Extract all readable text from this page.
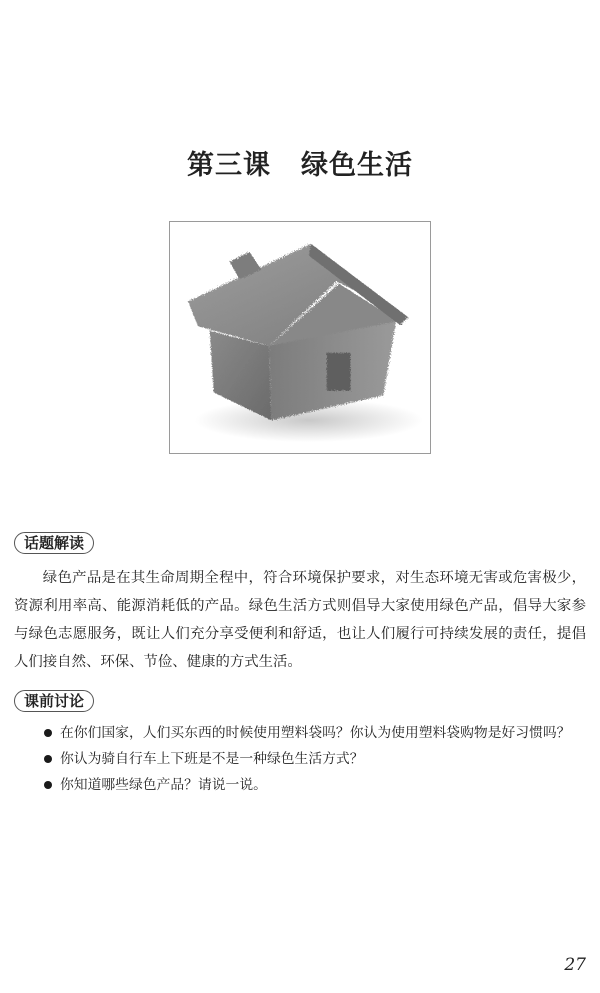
第三课 绿色生活
话题解读

绿色产品是在其生命周期全程中，符合环境保护要求，对生态环境无害或危害极少，资源利用率高、能源消耗低的产品。绿色生活方式则倡导大家使用绿色产品，倡导大家参与绿色志愿服务，既让人们充分享受便利和舒适，也让人们履行可持续发展的责任，提倡人们接自然、环保、节俭、健康的方式生活。

课前讨论
在你们国家，人们买东西的时候使用塑料袋吗？你认为使用塑料袋购物是好习惯吗？
你认为骑自行车上下班是不是一种绿色生活方式？
你知道哪些绿色产品？请说一说。
27
